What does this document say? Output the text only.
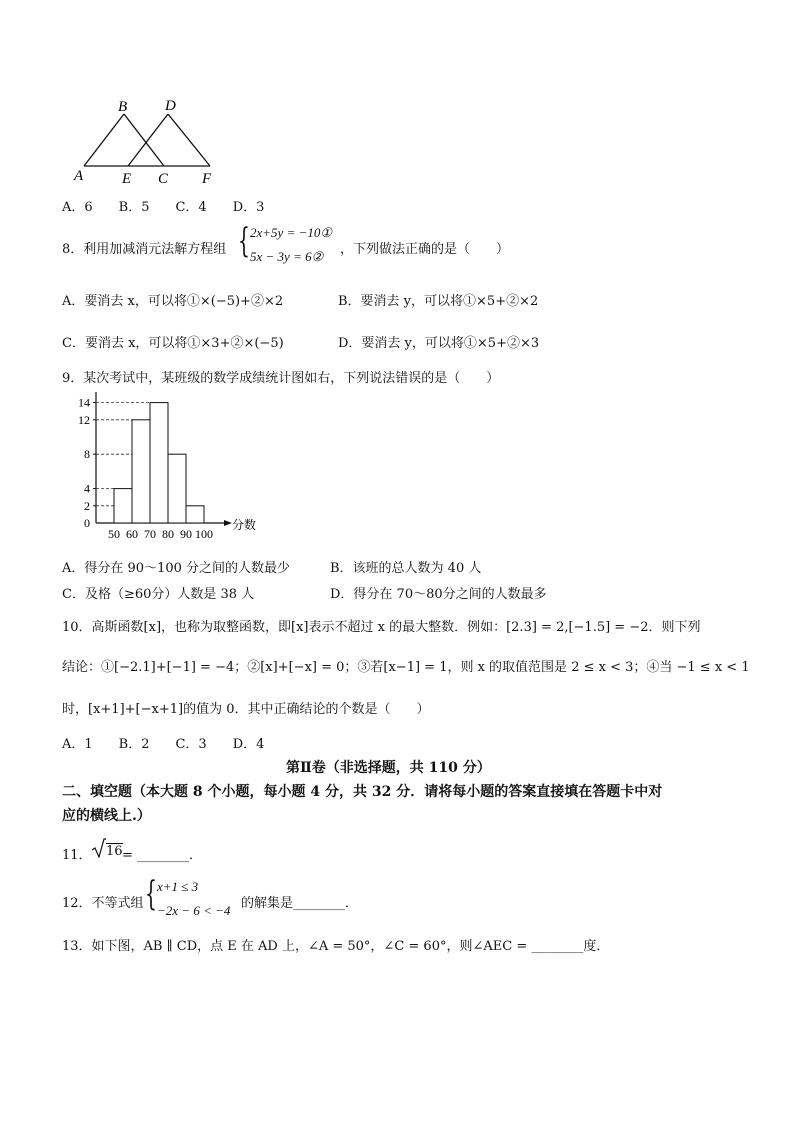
B	D
A	E C F
A．6　　B．5　　C．4　　D．3
8．利用加减消元法解方程组 { 2x+5y = −10①
5x − 3y = 6② ，下列做法正确的是（　　）
A．要消去 x，可以将①×(−5)+②×2	B．要消去 y，可以将①×5+②×2
C．要消去 x，可以将①×3+②×(−5)	D．要消去 y，可以将①×5+②×3
9．某次考试中，某班级的数学成绩统计图如右，下列说法错误的是（　　）
0
2
4
8
12
14
50 60 70 80 90 100
分数
A．得分在 90～100 分之间的人数最少	B．该班的总人数为 40 人
C．及格（≥60分）人数是 38 人	D．得分在 70～80分之间的人数最多
10．高斯函数[x]，也称为取整函数，即[x]表示不超过 x 的最大整数．例如：[2.3] = 2,[−1.5] = −2．则下列
结论：①[−2.1]+[−1] = −4；②[x]+[−x] = 0；③若[x−1] = 1，则 x 的取值范围是 2 ≤ x < 3；④当 −1 ≤ x < 1
时，[x+1]+[−x+1]的值为 0．其中正确结论的个数是（　　）
A．1　　B．2　　C．3　　D．4
第Ⅱ卷（非选择题，共 110 分）
二、填空题（本大题 8 个小题，每小题 4 分，共 32 分．请将每小题的答案直接填在答题卡中对
应的横线上.）
11． 16 = ________．
12．不等式组 { x+1 ≤ 3
−2x − 6 < −4 的解集是________．
13．如下图，AB ∥ CD，点 E 在 AD 上，∠A = 50°，∠C = 60°，则∠AEC = ________度．
